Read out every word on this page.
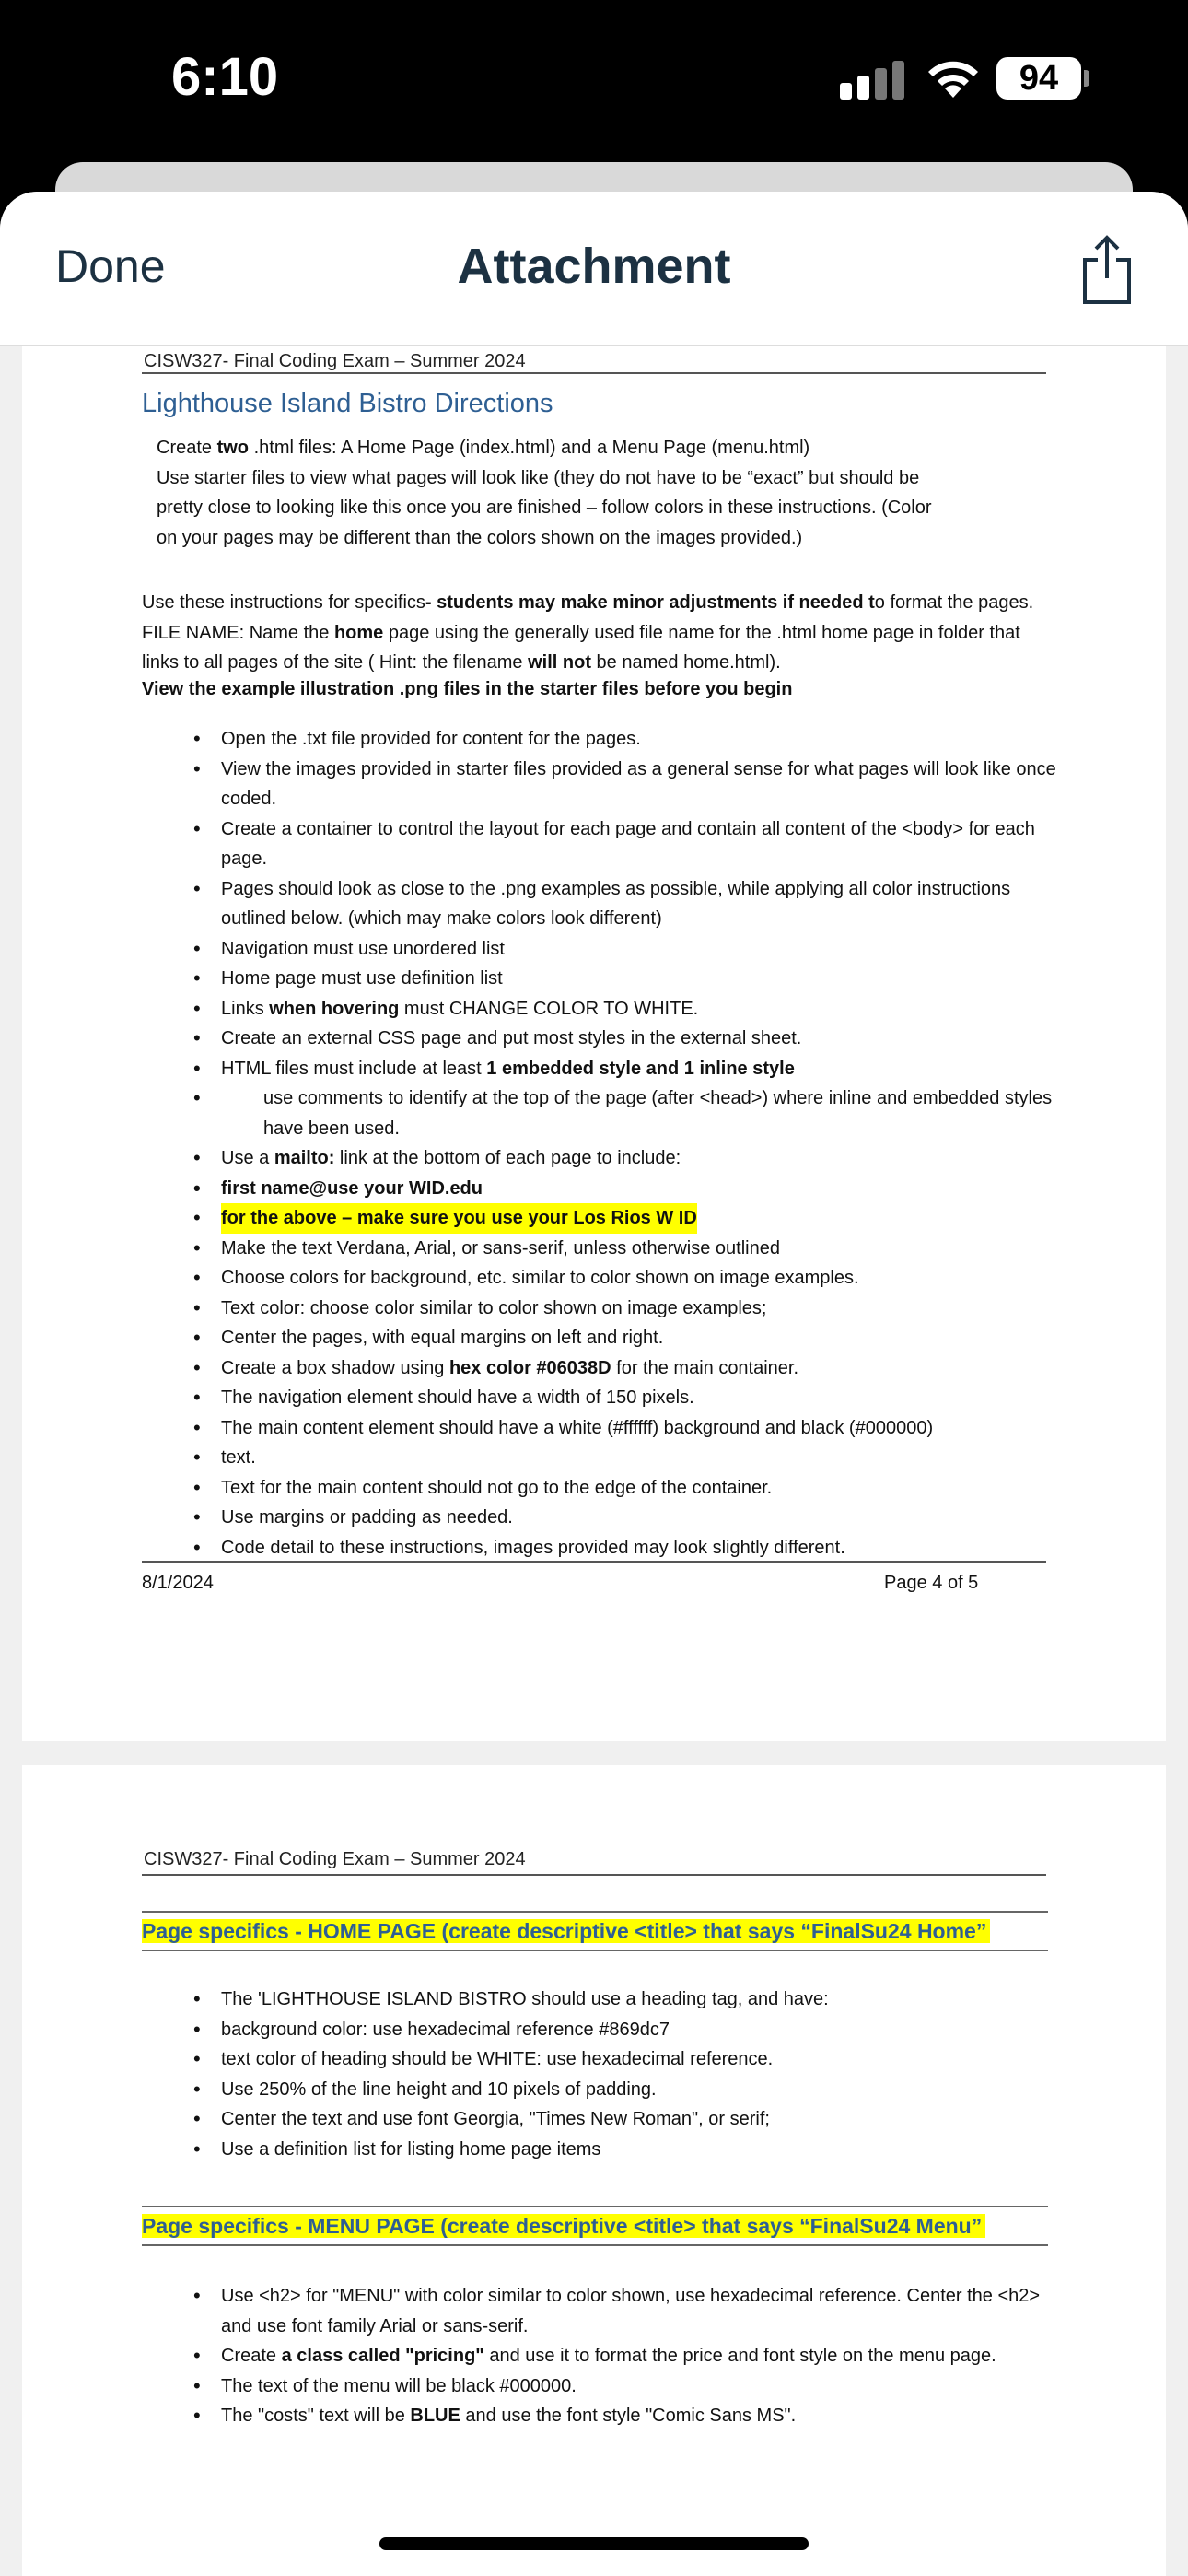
6:10	94
Done	Attachment
CISW327- Final Coding Exam – Summer 2024
Lighthouse Island Bistro Directions

Create two .html files: A Home Page (index.html) and a Menu Page (menu.html)

Use starter files to view what pages will look like (they do not have to be “exact” but should be

pretty close to looking like this once you are finished – follow colors in these instructions. (Color

on your pages may be different than the colors shown on the images provided.)

Use these instructions for specifics- students may make minor adjustments if needed to format the pages.

FILE NAME: Name the home page using the generally used file name for the .html home page in folder that

links to all pages of the site ( Hint: the filename will not be named home.html).

View the example illustration .png files in the starter files before you begin
• Open the .txt file provided for content for the pages.
• View the images provided in starter files provided as a general sense for what pages will look like once coded.
• Create a container to control the layout for each page and contain all content of the <body> for each page.
• Pages should look as close to the .png examples as possible, while applying all color instructions outlined below. (which may make colors look different)
• Navigation must use unordered list
• Home page must use definition list
• Links when hovering must CHANGE COLOR TO WHITE.
• Create an external CSS page and put most styles in the external sheet.
• HTML files must include at least 1 embedded style and 1 inline style
• use comments to identify at the top of the page (after <head>) where inline and embedded styles have been used.
• Use a mailto: link at the bottom of each page to include:
• first name@use your WID.edu
• for the above – make sure you use your Los Rios W ID
• Make the text Verdana, Arial, or sans-serif, unless otherwise outlined
• Choose colors for background, etc. similar to color shown on image examples.
• Text color: choose color similar to color shown on image examples;
• Center the pages, with equal margins on left and right.
• Create a box shadow using hex color #06038D for the main container.
• The navigation element should have a width of 150 pixels.
• The main content element should have a white (#ffffff) background and black (#000000)
• text.
• Text for the main content should not go to the edge of the container.
• Use margins or padding as needed.
• Code detail to these instructions, images provided may look slightly different.
8/1/2024	Page 4 of 5
CISW327- Final Coding Exam – Summer 2024
Page specifics - HOME PAGE (create descriptive <title> that says “FinalSu24 Home”
• The 'LIGHTHOUSE ISLAND BISTRO should use a heading tag, and have:
• background color: use hexadecimal reference #869dc7
• text color of heading should be WHITE: use hexadecimal reference.
• Use 250% of the line height and 10 pixels of padding.
• Center the text and use font Georgia, "Times New Roman", or serif;
• Use a definition list for listing home page items
Page specifics - MENU PAGE (create descriptive <title> that says “FinalSu24 Menu”
• Use <h2> for "MENU" with color similar to color shown, use hexadecimal reference. Center the <h2> and use font family Arial or sans-serif.
• Create a class called "pricing" and use it to format the price and font style on the menu page.
• The text of the menu will be black #000000.
• The "costs" text will be BLUE and use the font style "Comic Sans MS".
